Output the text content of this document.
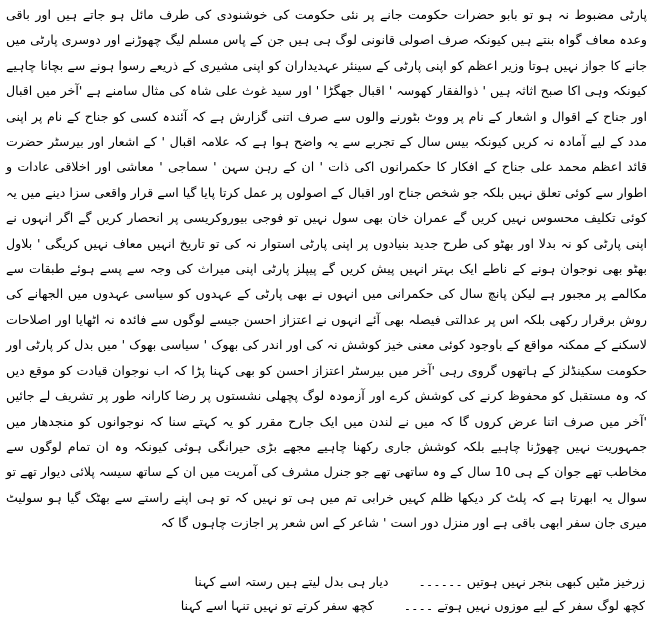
پارٹی مضبوط نہ ہو تو بابو حضرات حکومت جانے پر نئی حکومت کی خوشنودی کی طرف مائل ہو جاتے ہیں اور باقی وعدہ معاف گواہ بنتے ہیں کیونکہ صرف اصولی قانونی لوگ ہی ہیں جن کے پاس مسلم لیگ چھوڑنے اور دوسری پارٹی میں جانے کا جواز نہیں ہوتا وزیر اعظم کو اپنی پارٹی کے سینئر عہدیداران کو اپنی مشیری کے ذریعے رسوا ہونے سے بچانا چاہیے کیونکہ وہی اکا صبح اثاثہ ہیں ' ذوالفقار کھوسہ ' اقبال جھگڑا ' اور سید غوث علی شاہ کی مثال سامنے ہے 'آخر میں اقبال اور جناح کے اقوال و اشعار کے نام پر ووٹ بٹورنے والوں سے صرف اتنی گزارش ہے کہ آئندہ کسی کو جناح کے نام پر اپنی مدد کے لیے آمادہ نہ کریں کیونکہ بیس سال کے تجربے سے یہ واضح ہوا ہے کہ علامہ اقبال ' کے اشعار اور بیرسٹر حضرت قائد اعظم محمد علی جناح کے افکار کا حکمرانوں اکی ذات ' ان کے رہن سہن ' سماجی ' معاشی اور اخلاقی عادات و اطوار سے کوئی تعلق نہیں بلکہ جو شخص جناح اور اقبال کے اصولوں پر عمل کرتا پایا گیا اسے قرار واقعی سزا دینے میں یہ کوئی تکلیف محسوس نہیں کریں گے عمران خان بھی سول نہیں تو فوجی بیوروکریسی پر انحصار کریں گے اگر انہوں نے اپنی پارٹی کو نہ بدلا اور بھٹو کی طرح جدید بنیادوں پر اپنی پارٹی استوار نہ کی تو تاریخ انہیں معاف نہیں کریگی ' بلاول بھٹو بھی نوجوان ہونے کے ناطے ایک بہتر انہیں پیش کریں گے پیپلز پارٹی اپنی میراث کی وجہ سے پسے ہوئے طبقات سے مکالمے پر مجبور ہے لیکن پانچ سال کی حکمرانی میں انہوں نے بھی پارٹی کے عہدوں کو سیاسی عہدوں میں الجھانے کی روش برقرار رکھی بلکہ اس پر عدالتی فیصلہ بھی آئے انہوں نے اعتزاز احسن جیسے لوگوں سے فائدہ نہ اٹھایا اور اصلاحات لاسکنے کے ممکنہ مواقع کے باوجود کوئی معنی خیز کوشش نہ کی اور اندر کی بھوک ' سیاسی بھوک ' میں بدل کر پارٹی اور حکومت سکینڈلز کے ہاتھوں گروی رہی 'آخر میں بیرسٹر اعتزاز احسن کو بھی کہنا پڑا کہ اب نوجوان قیادت کو موقع دیں کہ وہ مستقبل کو محفوظ کرنے کی کوشش کرے اور آزمودہ لوگ پچھلی نشستوں پر رضا کارانہ طور پر تشریف لے جائیں 'آخر میں صرف اتنا عرض کروں گا کہ میں نے لندن میں ایک جارح مقرر کو یہ کہتے سنا کہ نوجوانوں کو منجدھار میں جمہوریت نہیں چھوڑنا چاہیے بلکہ کوشش جاری رکھنا چاہیے مجھے بڑی حیرانگی ہوئی کیونکہ وہ ان تمام لوگوں سے مخاطب تھے جوان کے ہی 10 سال کے وہ ساتھی تھے جو جنرل مشرف کی آمریت میں ان کے ساتھ سیسہ پلائی دیوار تھے تو سوال یہ ابھرتا ہے کہ پلٹ کر دیکھا ظلم کہیں خرابی تم میں ہی تو نہیں کہ تو ہی اپنے راستے سے بھٹک گیا ہو سولیٹ میری جان سفر ابھی باقی ہے اور منزل دور است ' شاعر کے اس شعر پر اجازت چاہوں گا کہ

زرخیز مٹیں کبھی بنجر نہیں ہوتیں ۔۔۔۔۔۔  دیار ہی بدل لیتے ہیں رستہ اسے کہنا
کچھ لوگ سفر کے لیے موزوں نہیں ہوتے ۔۔۔۔  کچھ سفر کرتے تو نہیں تنہا اسے کہنا
